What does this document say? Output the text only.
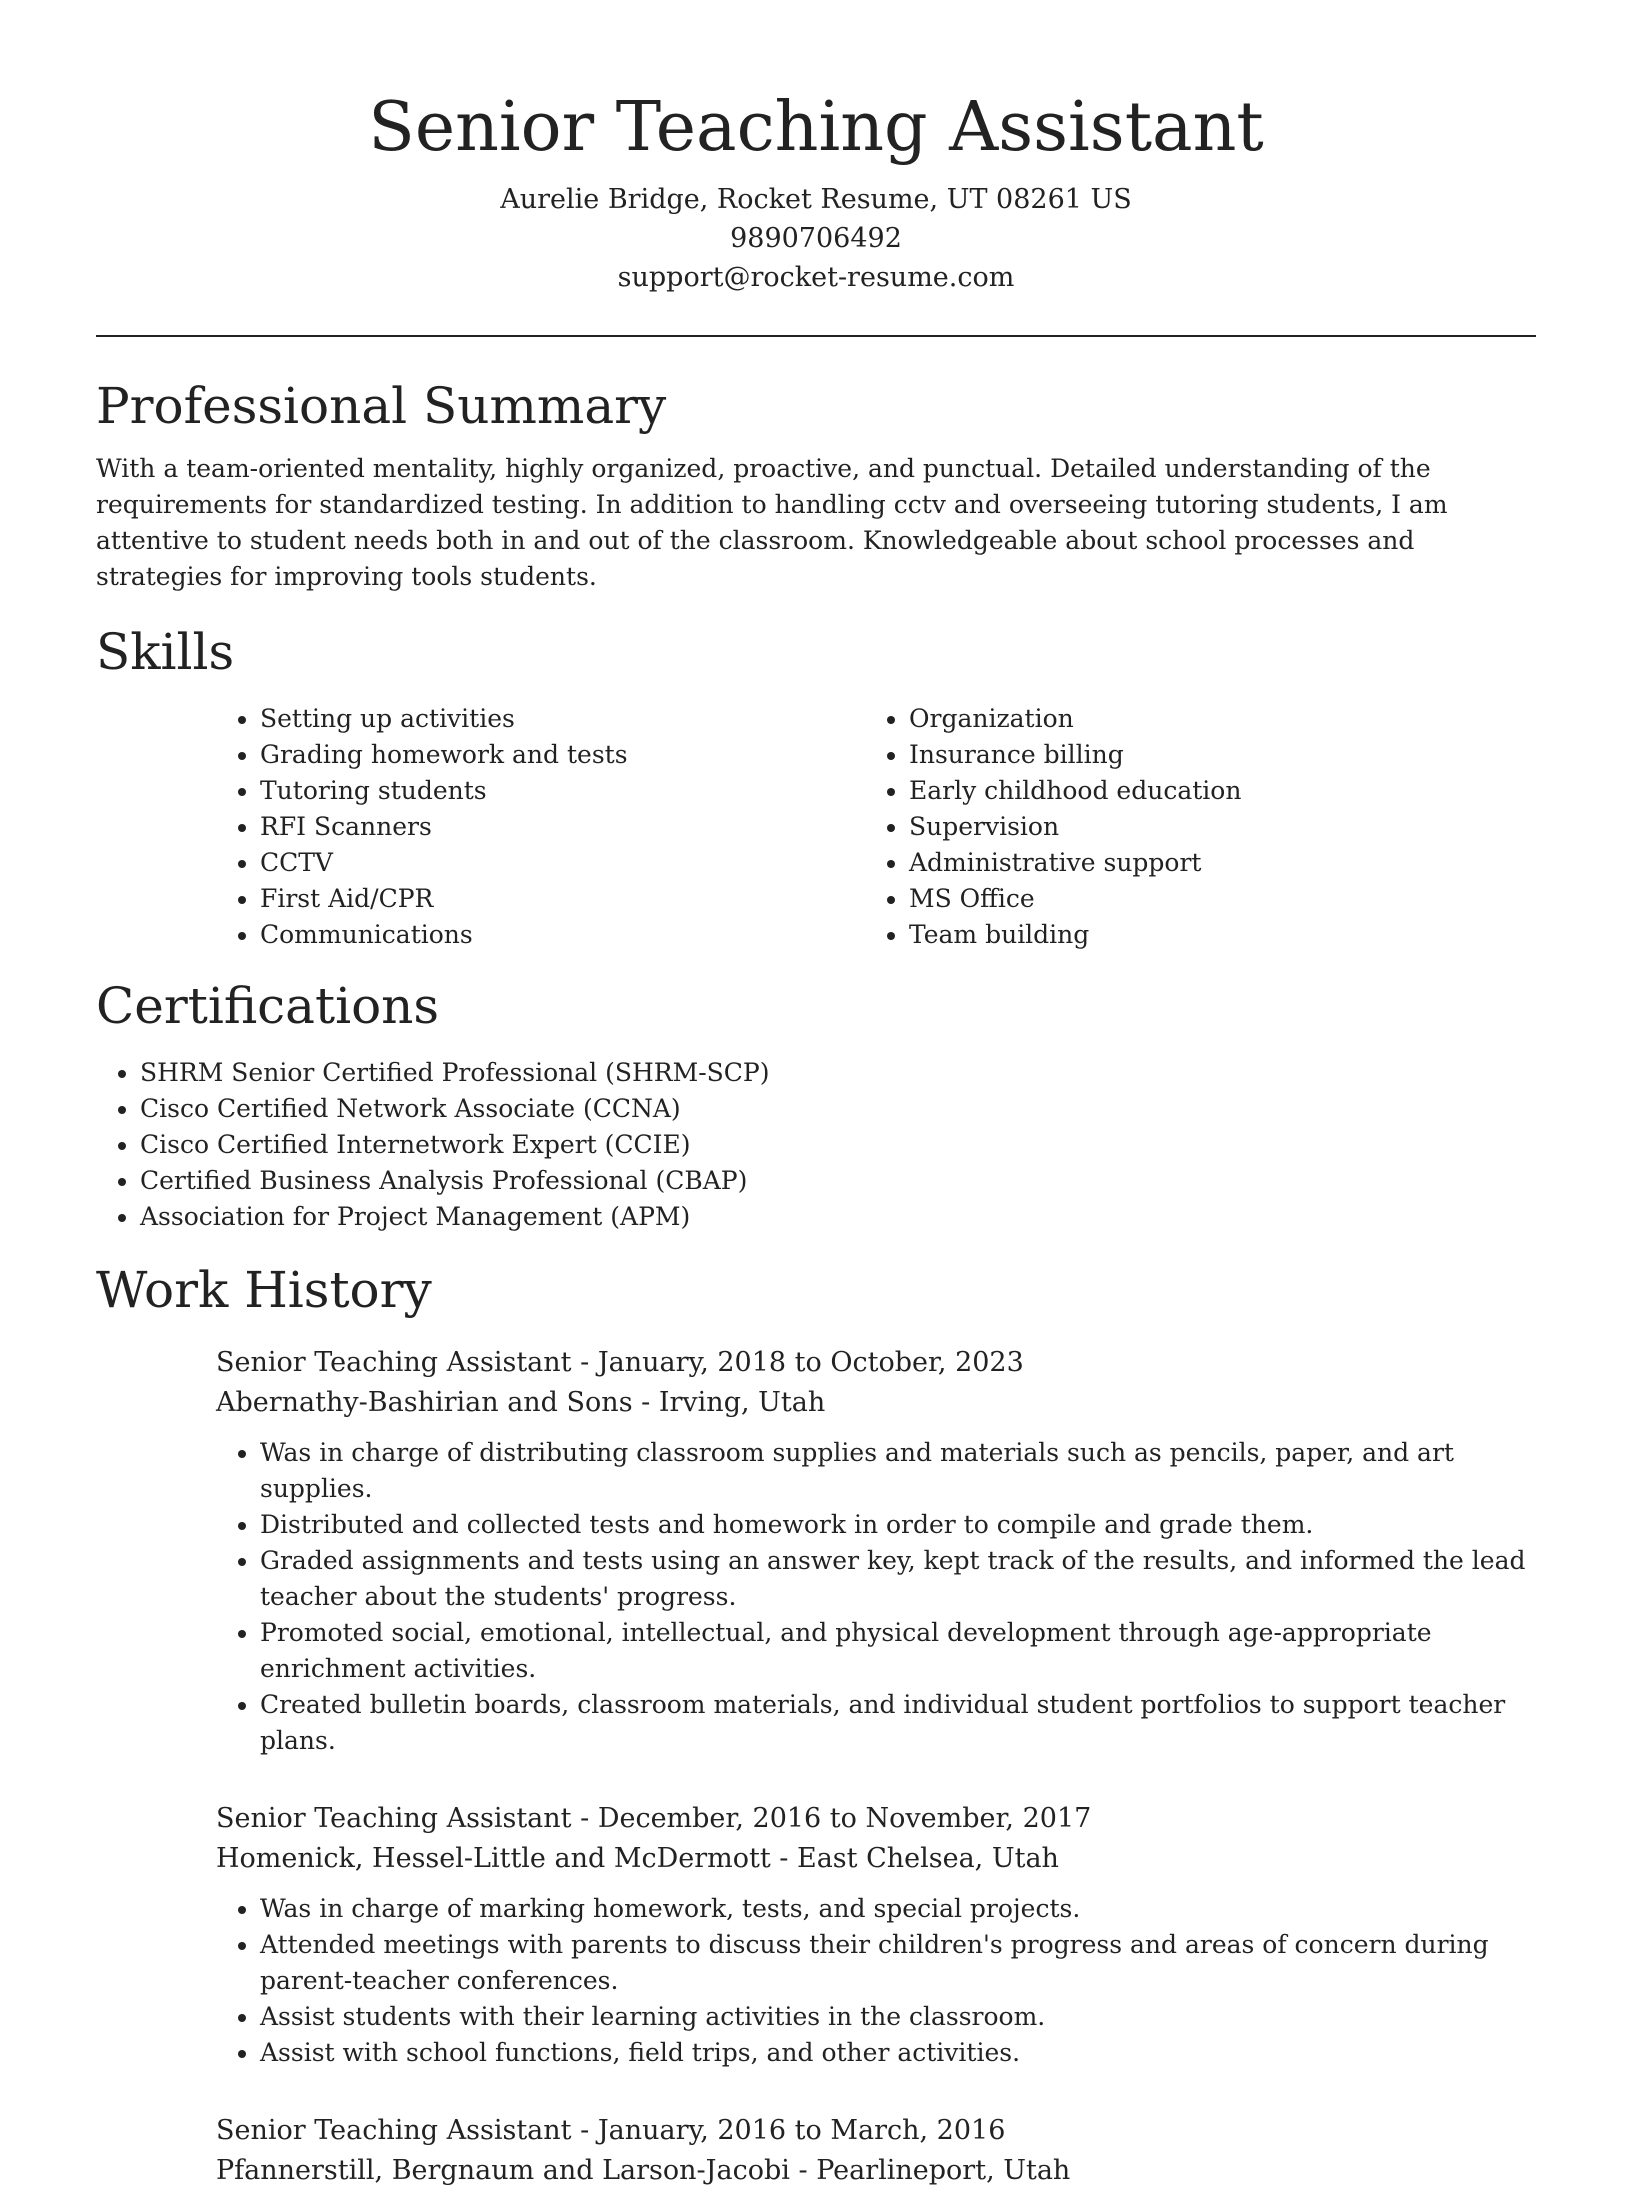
Senior Teaching Assistant
Aurelie Bridge, Rocket Resume, UT 08261 US
9890706492
support@rocket-resume.com
Professional Summary

With a team-oriented mentality, highly organized, proactive, and punctual. Detailed understanding of the requirements for standardized testing. In addition to handling cctv and overseeing tutoring students, I am attentive to student needs both in and out of the classroom. Knowledgeable about school processes and strategies for improving tools students.

Skills
• Setting up activities
• Grading homework and tests
• Tutoring students
• RFI Scanners
• CCTV
• First Aid/CPR
• Communications
• Organization
• Insurance billing
• Early childhood education
• Supervision
• Administrative support
• MS Office
• Team building
Certifications
• SHRM Senior Certified Professional (SHRM-SCP)
• Cisco Certified Network Associate (CCNA)
• Cisco Certified Internetwork Expert (CCIE)
• Certified Business Analysis Professional (CBAP)
• Association for Project Management (APM)
Work History

Senior Teaching Assistant - January, 2018 to October, 2023

Abernathy-Bashirian and Sons - Irving, Utah

• Was in charge of distributing classroom supplies and materials such as pencils, paper, and art supplies.
• Distributed and collected tests and homework in order to compile and grade them.
• Graded assignments and tests using an answer key, kept track of the results, and informed the lead teacher about the students' progress.
• Promoted social, emotional, intellectual, and physical development through age-appropriate enrichment activities.
• Created bulletin boards, classroom materials, and individual student portfolios to support teacher plans.

Senior Teaching Assistant - December, 2016 to November, 2017

Homenick, Hessel-Little and McDermott - East Chelsea, Utah

• Was in charge of marking homework, tests, and special projects.
• Attended meetings with parents to discuss their children's progress and areas of concern during parent-teacher conferences.
• Assist students with their learning activities in the classroom.
• Assist with school functions, field trips, and other activities.

Senior Teaching Assistant - January, 2016 to March, 2016

Pfannerstill, Bergnaum and Larson-Jacobi - Pearlineport, Utah
